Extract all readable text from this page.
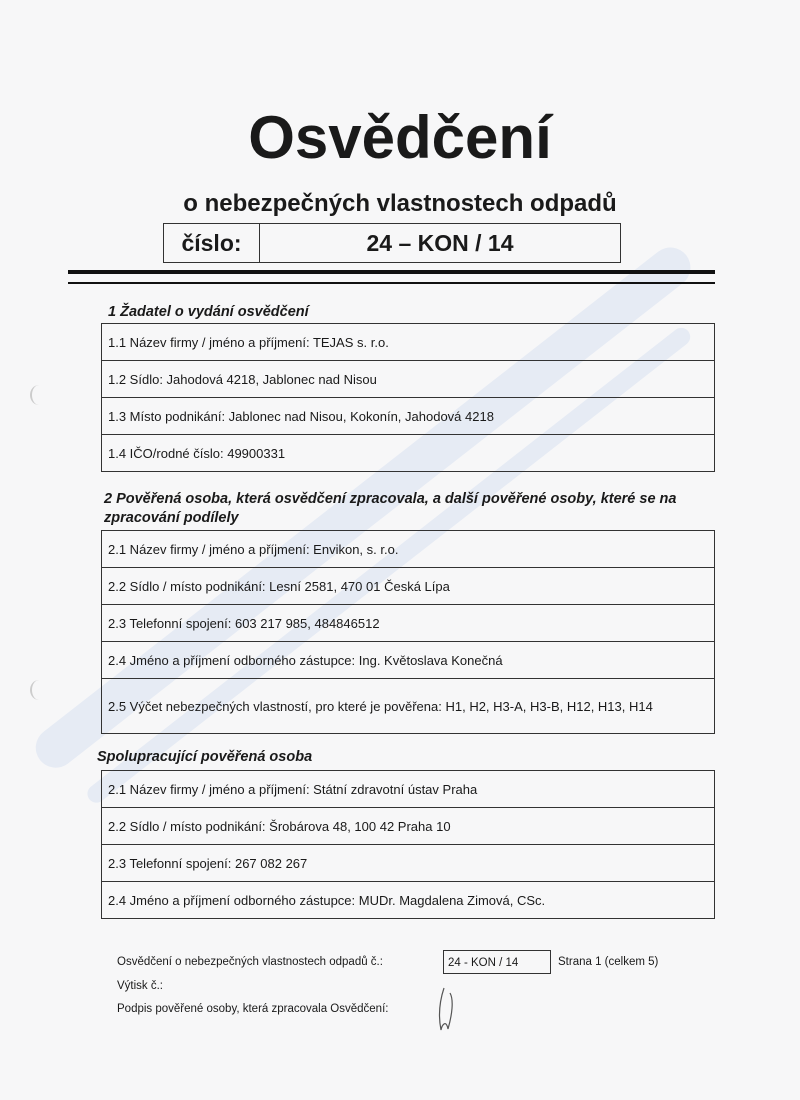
Osvědčení
o nebezpečných vlastnostech odpadů
číslo:	24 – KON / 14
1 Žadatel o vydání osvědčení
1.1 Název firmy / jméno a příjmení: TEJAS s. r.o.
1.2 Sídlo: Jahodová 4218, Jablonec nad Nisou
1.3 Místo podnikání: Jablonec nad Nisou, Kokonín, Jahodová 4218
1.4 IČO/rodné číslo: 49900331
2 Pověřená osoba, která osvědčení zpracovala, a další pověřené osoby, které se na zpracování podílely
2.1 Název firmy / jméno a příjmení: Envikon, s. r.o.
2.2 Sídlo / místo podnikání: Lesní 2581, 470 01 Česká Lípa
2.3 Telefonní spojení: 603 217 985, 484846512
2.4 Jméno a příjmení odborného zástupce: Ing. Květoslava Konečná
2.5 Výčet nebezpečných vlastností, pro které je pověřena: H1, H2, H3-A, H3-B, H12, H13, H14
Spolupracující pověřená osoba
2.1 Název firmy / jméno a příjmení: Státní zdravotní ústav Praha
2.2 Sídlo / místo podnikání: Šrobárova 48, 100 42 Praha 10
2.3 Telefonní spojení: 267 082 267
2.4 Jméno a příjmení odborného zástupce: MUDr. Magdalena Zimová, CSc.
Osvědčení o nebezpečných vlastnostech odpadů č.:	24 - KON / 14	Strana 1 (celkem 5)
Výtisk č.:
Podpis pověřené osoby, která zpracovala Osvědčení:
